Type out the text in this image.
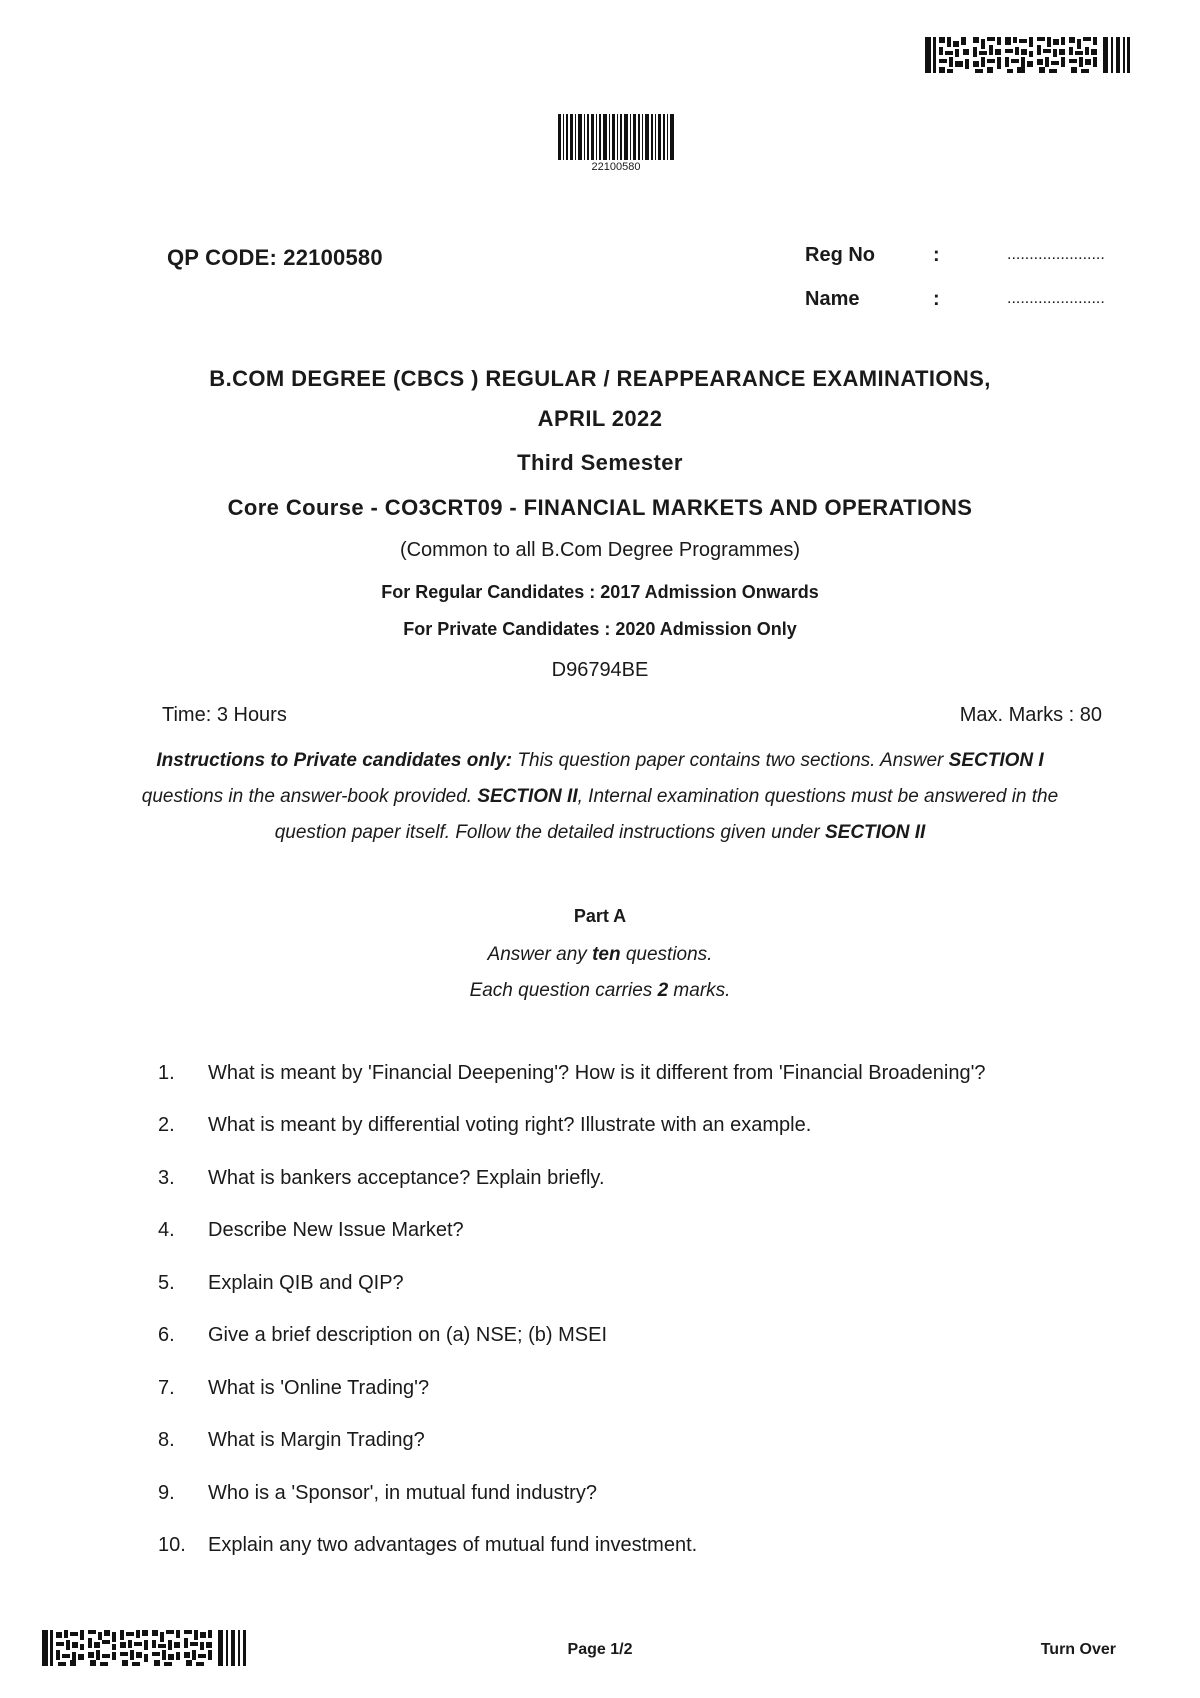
22100580
QP CODE: 22100580	Reg No	:	......................
Name	:	......................
B.COM DEGREE (CBCS ) REGULAR / REAPPEARANCE EXAMINATIONS,
APRIL 2022
Third Semester
Core Course - CO3CRT09 - FINANCIAL MARKETS AND OPERATIONS
(Common to all B.Com Degree Programmes)
For Regular Candidates : 2017 Admission Onwards
For Private Candidates : 2020 Admission Only
D96794BE
Time: 3 Hours	Max. Marks : 80
Instructions to Private candidates only: This question paper contains two sections. Answer SECTION I
questions in the answer-book provided. SECTION II, Internal examination questions must be answered in the
question paper itself. Follow the detailed instructions given under SECTION II
Part A
Answer any ten questions.
Each question carries 2 marks.
1. What is meant by 'Financial Deepening'? How is it different from 'Financial Broadening'?
2. What is meant by differential voting right? Illustrate with an example.
3. What is bankers acceptance? Explain briefly.
4. Describe New Issue Market?
5. Explain QIB and QIP?
6. Give a brief description on (a) NSE; (b) MSEI
7. What is 'Online Trading'?
8. What is Margin Trading?
9. Who is a 'Sponsor', in mutual fund industry?
10. Explain any two advantages of mutual fund investment.
Page 1/2	Turn Over
